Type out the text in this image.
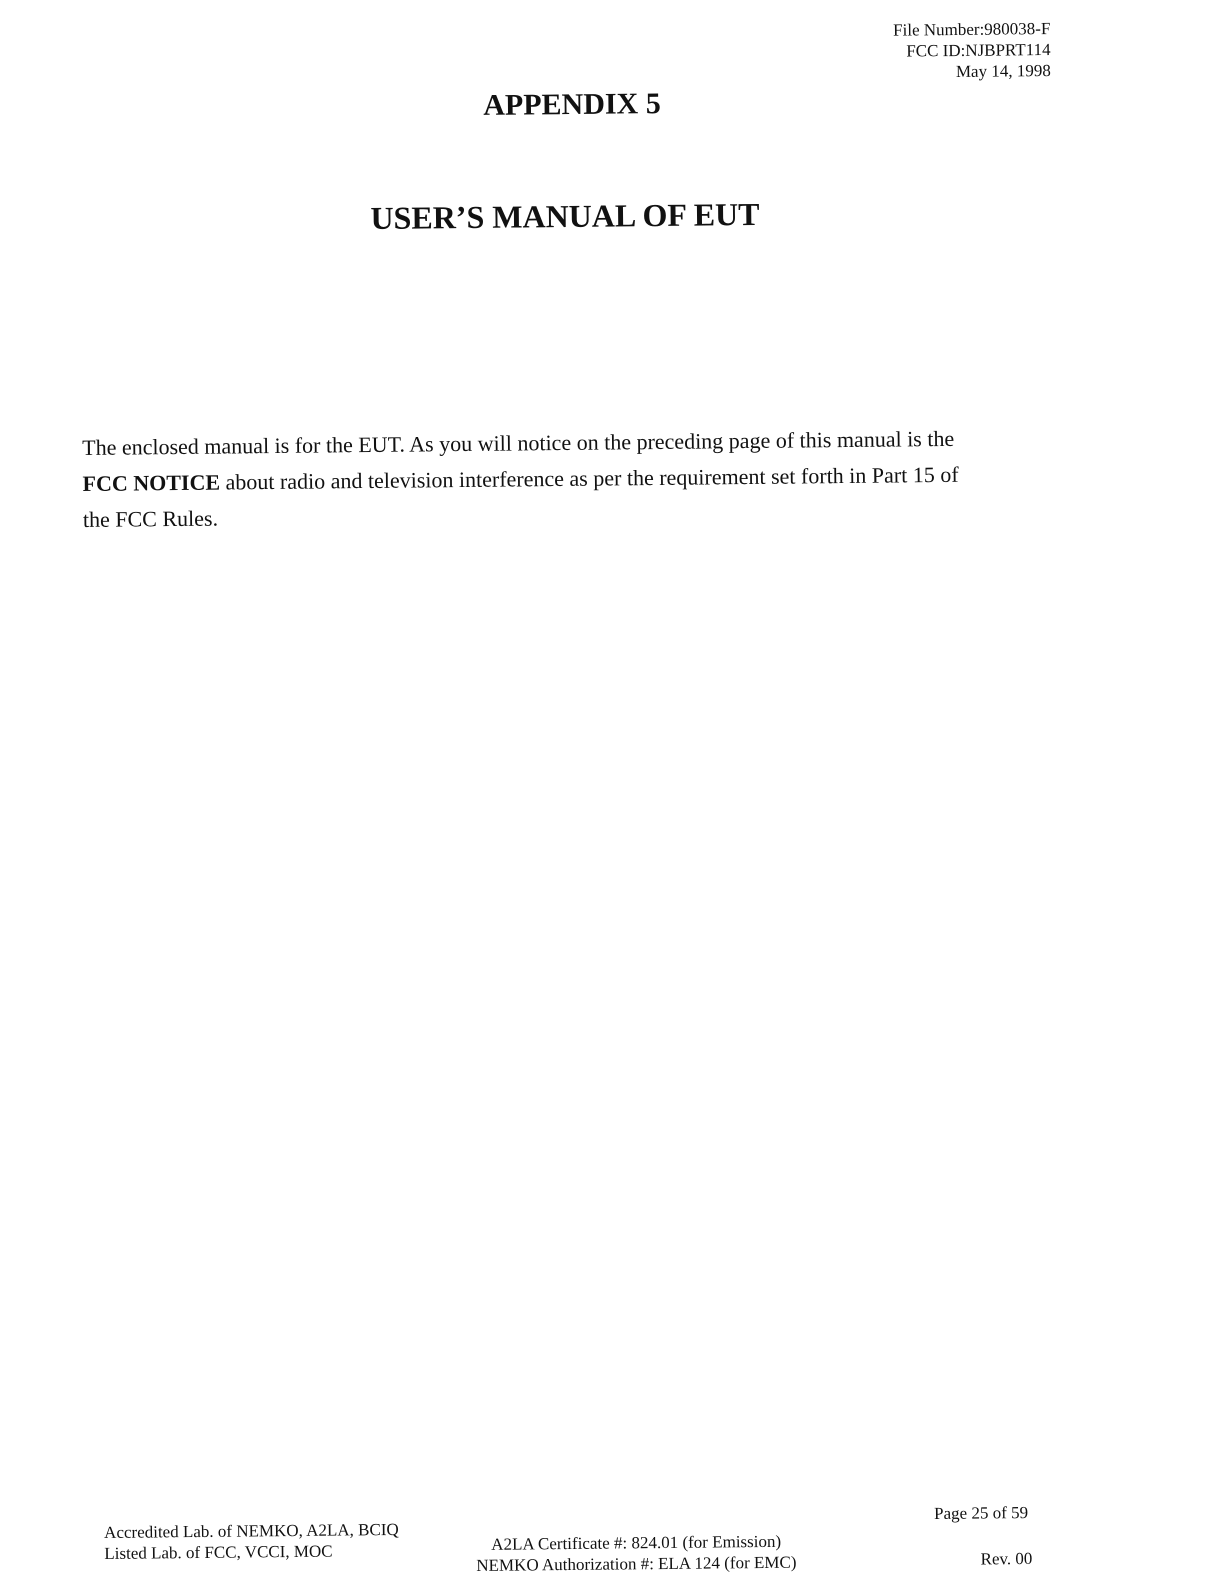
File Number:980038-F
FCC ID:NJBPRT114
May 14, 1998
APPENDIX 5
USER’S MANUAL OF EUT
The enclosed manual is for the EUT. As you will notice on the preceding page of this manual is the
FCC NOTICE about radio and television interference as per the requirement set forth in Part 15 of
the FCC Rules.
Accredited Lab. of NEMKO, A2LA, BCIQ
Listed Lab. of FCC, VCCI, MOC	A2LA Certificate #: 824.01 (for Emission)
NEMKO Authorization #: ELA 124 (for EMC)
Page 25 of 59
Rev. 00
